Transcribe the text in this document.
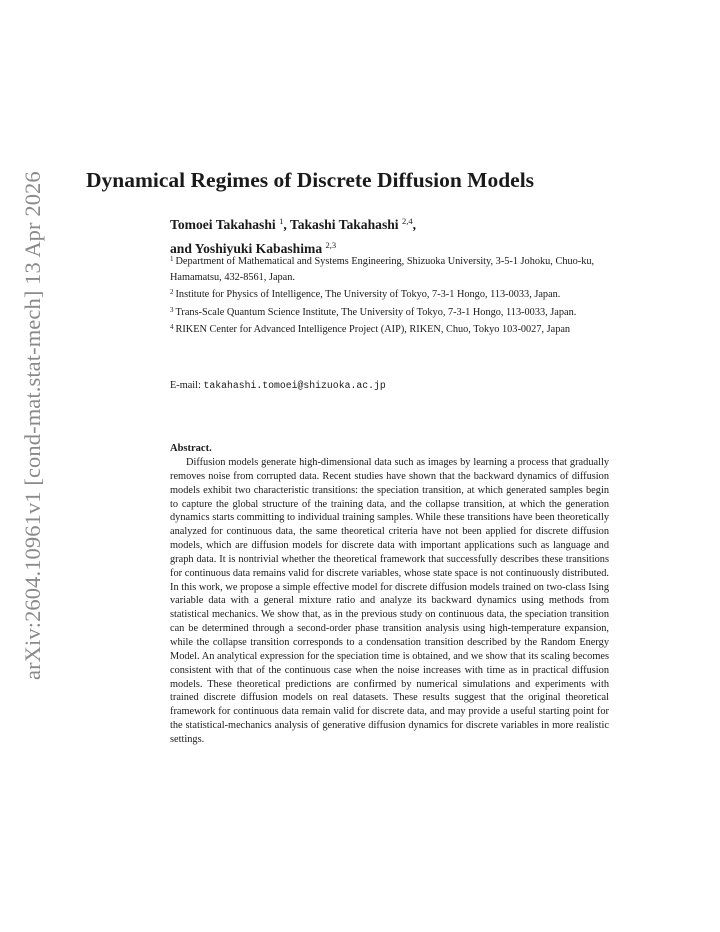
arXiv:2604.10961v1 [cond-mat.stat-mech] 13 Apr 2026 Dynamical Regimes of Discrete Diffusion Models
Tomoei Takahashi $^1$, Takashi Takahashi $^{2,4}$,
and Yoshiyuki Kabashima $^{2,3}$
$^1$ Department of Mathematical and Systems Engineering, Shizuoka University, 3-5-1 Johoku, Chuo-ku, Hamamatsu, 432-8561, Japan.
$^2$ Institute for Physics of Intelligence, The University of Tokyo, 7-3-1 Hongo, 113-0033, Japan.
$^3$ Trans-Scale Quantum Science Institute, The University of Tokyo, 7-3-1 Hongo, 113-0033, Japan.
$^4$ RIKEN Center for Advanced Intelligence Project (AIP), RIKEN, Chuo, Tokyo 103-0027, Japan
E-mail: takahashi.tomoei@shizuoka.ac.jp

Abstract.

Diffusion models generate high-dimensional data such as images by learning a process that gradually removes noise from corrupted data. Recent studies have shown that the backward dynamics of diffusion models exhibit two characteristic transitions: the speciation transition, at which generated samples begin to capture the global structure of the training data, and the collapse transition, at which the generation dynamics starts committing to individual training samples. While these transitions have been theoretically analyzed for continuous data, the same theoretical criteria have not been applied for discrete diffusion models, which are diffusion models for discrete data with important applications such as language and graph data. It is nontrivial whether the theoretical framework that successfully describes these transitions for continuous data remains valid for discrete variables, whose state space is not continuously distributed. In this work, we propose a simple effective model for discrete diffusion models trained on two-class Ising variable data with a general mixture ratio and analyze its backward dynamics using methods from statistical mechanics. We show that, as in the previous study on continuous data, the speciation transition can be determined through a second-order phase transition analysis using high-temperature expansion, while the collapse transition corresponds to a condensation transition described by the Random Energy Model. An analytical expression for the speciation time is obtained, and we show that its scaling becomes consistent with that of the continuous case when the noise increases with time as in practical diffusion models. These theoretical predictions are confirmed by numerical simulations and experiments with trained discrete diffusion models on real datasets. These results suggest that the original theoretical framework for continuous data remain valid for discrete data, and may provide a useful starting point for the statistical-mechanics analysis of generative diffusion dynamics for discrete variables in more realistic settings.
